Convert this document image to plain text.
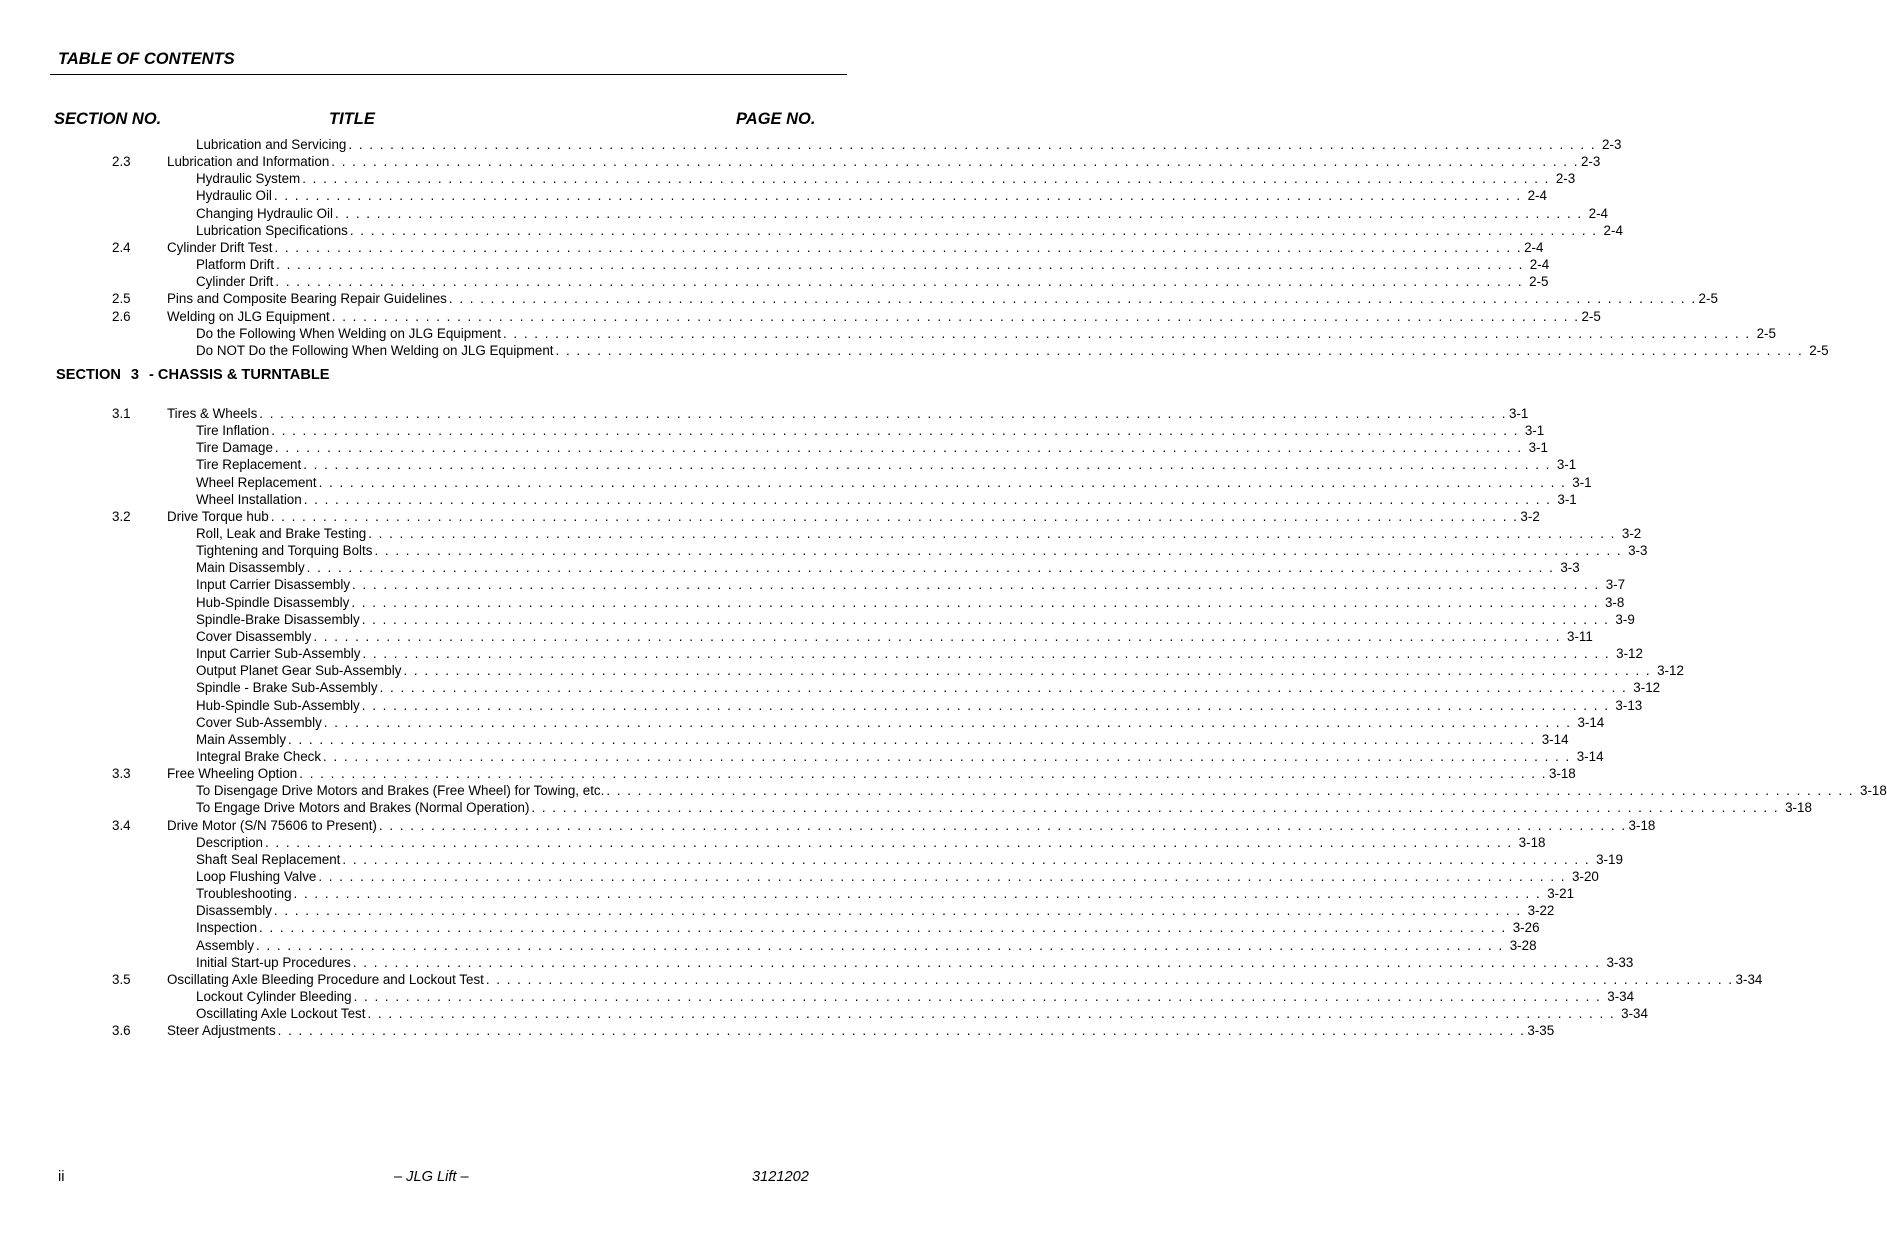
TABLE OF CONTENTS
SECTION NO.	TITLE	PAGE NO.
SECTION 3 - CHASSIS & TURNTABLE
Lubrication and Servicing . . . . . . . . . . . . . . . . . . . . . . . . . . . . . . . . . . . . . . . . . . . . . . . . . . . . . . . . . . . . . . . . . . . . . . . . . . . . . . . . . . . . . . . . . . . . . . . . . . . . . . . . . . . . . . . . . . . . . . . . 2-3
2.3	Lubrication and Information . . . . . . . . . . . . . . . . . . . . . . . . . . . . . . . . . . . . . . . . . . . . . . . . . . . . . . . . . . . . . . . . . . . . . . . . . . . . . . . . . . . . . . . . . . . . . . . . . . . . . . . . . . . . . . . . . . . . . . . . 2-3
Hydraulic System . . . . . . . . . . . . . . . . . . . . . . . . . . . . . . . . . . . . . . . . . . . . . . . . . . . . . . . . . . . . . . . . . . . . . . . . . . . . . . . . . . . . . . . . . . . . . . . . . . . . . . . . . . . . . . . . . . . . . . . . 2-3
Hydraulic Oil . . . . . . . . . . . . . . . . . . . . . . . . . . . . . . . . . . . . . . . . . . . . . . . . . . . . . . . . . . . . . . . . . . . . . . . . . . . . . . . . . . . . . . . . . . . . . . . . . . . . . . . . . . . . . . . . . . . . . . . . 2-4
Changing Hydraulic Oil . . . . . . . . . . . . . . . . . . . . . . . . . . . . . . . . . . . . . . . . . . . . . . . . . . . . . . . . . . . . . . . . . . . . . . . . . . . . . . . . . . . . . . . . . . . . . . . . . . . . . . . . . . . . . . . . . . . . . . . . 2-4
Lubrication Specifications . . . . . . . . . . . . . . . . . . . . . . . . . . . . . . . . . . . . . . . . . . . . . . . . . . . . . . . . . . . . . . . . . . . . . . . . . . . . . . . . . . . . . . . . . . . . . . . . . . . . . . . . . . . . . . . . . . . . . . . . 2-4
2.4	Cylinder Drift Test . . . . . . . . . . . . . . . . . . . . . . . . . . . . . . . . . . . . . . . . . . . . . . . . . . . . . . . . . . . . . . . . . . . . . . . . . . . . . . . . . . . . . . . . . . . . . . . . . . . . . . . . . . . . . . . . . . . . . . . . 2-4
Platform Drift . . . . . . . . . . . . . . . . . . . . . . . . . . . . . . . . . . . . . . . . . . . . . . . . . . . . . . . . . . . . . . . . . . . . . . . . . . . . . . . . . . . . . . . . . . . . . . . . . . . . . . . . . . . . . . . . . . . . . . . . 2-4
Cylinder Drift . . . . . . . . . . . . . . . . . . . . . . . . . . . . . . . . . . . . . . . . . . . . . . . . . . . . . . . . . . . . . . . . . . . . . . . . . . . . . . . . . . . . . . . . . . . . . . . . . . . . . . . . . . . . . . . . . . . . . . . . 2-5
2.5	Pins and Composite Bearing Repair Guidelines . . . . . . . . . . . . . . . . . . . . . . . . . . . . . . . . . . . . . . . . . . . . . . . . . . . . . . . . . . . . . . . . . . . . . . . . . . . . . . . . . . . . . . . . . . . . . . . . . . . . . . . . . . . . . . . . . . . . . . . . 2-5
2.6	Welding on JLG Equipment . . . . . . . . . . . . . . . . . . . . . . . . . . . . . . . . . . . . . . . . . . . . . . . . . . . . . . . . . . . . . . . . . . . . . . . . . . . . . . . . . . . . . . . . . . . . . . . . . . . . . . . . . . . . . . . . . . . . . . . . 2-5
Do the Following When Welding on JLG Equipment . . . . . . . . . . . . . . . . . . . . . . . . . . . . . . . . . . . . . . . . . . . . . . . . . . . . . . . . . . . . . . . . . . . . . . . . . . . . . . . . . . . . . . . . . . . . . . . . . . . . . . . . . . . . . . . . . . . . . . . . 2-5
Do NOT Do the Following When Welding on JLG Equipment . . . . . . . . . . . . . . . . . . . . . . . . . . . . . . . . . . . . . . . . . . . . . . . . . . . . . . . . . . . . . . . . . . . . . . . . . . . . . . . . . . . . . . . . . . . . . . . . . . . . . . . . . . . . . . . . . . . . . . . . 2-5
3.1	Tires & Wheels . . . . . . . . . . . . . . . . . . . . . . . . . . . . . . . . . . . . . . . . . . . . . . . . . . . . . . . . . . . . . . . . . . . . . . . . . . . . . . . . . . . . . . . . . . . . . . . . . . . . . . . . . . . . . . . . . . . . . . . . 3-1
Tire Inflation . . . . . . . . . . . . . . . . . . . . . . . . . . . . . . . . . . . . . . . . . . . . . . . . . . . . . . . . . . . . . . . . . . . . . . . . . . . . . . . . . . . . . . . . . . . . . . . . . . . . . . . . . . . . . . . . . . . . . . . . 3-1
Tire Damage . . . . . . . . . . . . . . . . . . . . . . . . . . . . . . . . . . . . . . . . . . . . . . . . . . . . . . . . . . . . . . . . . . . . . . . . . . . . . . . . . . . . . . . . . . . . . . . . . . . . . . . . . . . . . . . . . . . . . . . . 3-1
Tire Replacement . . . . . . . . . . . . . . . . . . . . . . . . . . . . . . . . . . . . . . . . . . . . . . . . . . . . . . . . . . . . . . . . . . . . . . . . . . . . . . . . . . . . . . . . . . . . . . . . . . . . . . . . . . . . . . . . . . . . . . . . 3-1
Wheel Replacement . . . . . . . . . . . . . . . . . . . . . . . . . . . . . . . . . . . . . . . . . . . . . . . . . . . . . . . . . . . . . . . . . . . . . . . . . . . . . . . . . . . . . . . . . . . . . . . . . . . . . . . . . . . . . . . . . . . . . . . . 3-1
Wheel Installation . . . . . . . . . . . . . . . . . . . . . . . . . . . . . . . . . . . . . . . . . . . . . . . . . . . . . . . . . . . . . . . . . . . . . . . . . . . . . . . . . . . . . . . . . . . . . . . . . . . . . . . . . . . . . . . . . . . . . . . . 3-1
3.2	Drive Torque hub . . . . . . . . . . . . . . . . . . . . . . . . . . . . . . . . . . . . . . . . . . . . . . . . . . . . . . . . . . . . . . . . . . . . . . . . . . . . . . . . . . . . . . . . . . . . . . . . . . . . . . . . . . . . . . . . . . . . . . . . 3-2
Roll, Leak and Brake Testing . . . . . . . . . . . . . . . . . . . . . . . . . . . . . . . . . . . . . . . . . . . . . . . . . . . . . . . . . . . . . . . . . . . . . . . . . . . . . . . . . . . . . . . . . . . . . . . . . . . . . . . . . . . . . . . . . . . . . . . . 3-2
Tightening and Torquing Bolts . . . . . . . . . . . . . . . . . . . . . . . . . . . . . . . . . . . . . . . . . . . . . . . . . . . . . . . . . . . . . . . . . . . . . . . . . . . . . . . . . . . . . . . . . . . . . . . . . . . . . . . . . . . . . . . . . . . . . . . . 3-3
Main Disassembly . . . . . . . . . . . . . . . . . . . . . . . . . . . . . . . . . . . . . . . . . . . . . . . . . . . . . . . . . . . . . . . . . . . . . . . . . . . . . . . . . . . . . . . . . . . . . . . . . . . . . . . . . . . . . . . . . . . . . . . . 3-3
Input Carrier Disassembly . . . . . . . . . . . . . . . . . . . . . . . . . . . . . . . . . . . . . . . . . . . . . . . . . . . . . . . . . . . . . . . . . . . . . . . . . . . . . . . . . . . . . . . . . . . . . . . . . . . . . . . . . . . . . . . . . . . . . . . . 3-7
Hub-Spindle Disassembly . . . . . . . . . . . . . . . . . . . . . . . . . . . . . . . . . . . . . . . . . . . . . . . . . . . . . . . . . . . . . . . . . . . . . . . . . . . . . . . . . . . . . . . . . . . . . . . . . . . . . . . . . . . . . . . . . . . . . . . . 3-8
Spindle-Brake Disassembly . . . . . . . . . . . . . . . . . . . . . . . . . . . . . . . . . . . . . . . . . . . . . . . . . . . . . . . . . . . . . . . . . . . . . . . . . . . . . . . . . . . . . . . . . . . . . . . . . . . . . . . . . . . . . . . . . . . . . . . . 3-9
Cover Disassembly . . . . . . . . . . . . . . . . . . . . . . . . . . . . . . . . . . . . . . . . . . . . . . . . . . . . . . . . . . . . . . . . . . . . . . . . . . . . . . . . . . . . . . . . . . . . . . . . . . . . . . . . . . . . . . . . . . . . . . . . 3-11
Input Carrier Sub-Assembly . . . . . . . . . . . . . . . . . . . . . . . . . . . . . . . . . . . . . . . . . . . . . . . . . . . . . . . . . . . . . . . . . . . . . . . . . . . . . . . . . . . . . . . . . . . . . . . . . . . . . . . . . . . . . . . . . . . . . . . . 3-12
Output Planet Gear Sub-Assembly . . . . . . . . . . . . . . . . . . . . . . . . . . . . . . . . . . . . . . . . . . . . . . . . . . . . . . . . . . . . . . . . . . . . . . . . . . . . . . . . . . . . . . . . . . . . . . . . . . . . . . . . . . . . . . . . . . . . . . . . 3-12
Spindle - Brake Sub-Assembly . . . . . . . . . . . . . . . . . . . . . . . . . . . . . . . . . . . . . . . . . . . . . . . . . . . . . . . . . . . . . . . . . . . . . . . . . . . . . . . . . . . . . . . . . . . . . . . . . . . . . . . . . . . . . . . . . . . . . . . . 3-12
Hub-Spindle Sub-Assembly . . . . . . . . . . . . . . . . . . . . . . . . . . . . . . . . . . . . . . . . . . . . . . . . . . . . . . . . . . . . . . . . . . . . . . . . . . . . . . . . . . . . . . . . . . . . . . . . . . . . . . . . . . . . . . . . . . . . . . . . 3-13
Cover Sub-Assembly . . . . . . . . . . . . . . . . . . . . . . . . . . . . . . . . . . . . . . . . . . . . . . . . . . . . . . . . . . . . . . . . . . . . . . . . . . . . . . . . . . . . . . . . . . . . . . . . . . . . . . . . . . . . . . . . . . . . . . . . 3-14
Main Assembly . . . . . . . . . . . . . . . . . . . . . . . . . . . . . . . . . . . . . . . . . . . . . . . . . . . . . . . . . . . . . . . . . . . . . . . . . . . . . . . . . . . . . . . . . . . . . . . . . . . . . . . . . . . . . . . . . . . . . . . . 3-14
Integral Brake Check . . . . . . . . . . . . . . . . . . . . . . . . . . . . . . . . . . . . . . . . . . . . . . . . . . . . . . . . . . . . . . . . . . . . . . . . . . . . . . . . . . . . . . . . . . . . . . . . . . . . . . . . . . . . . . . . . . . . . . . . 3-14
3.3	Free Wheeling Option . . . . . . . . . . . . . . . . . . . . . . . . . . . . . . . . . . . . . . . . . . . . . . . . . . . . . . . . . . . . . . . . . . . . . . . . . . . . . . . . . . . . . . . . . . . . . . . . . . . . . . . . . . . . . . . . . . . . . . . . 3-18
To Disengage Drive Motors and Brakes (Free Wheel) for Towing, etc. . . . . . . . . . . . . . . . . . . . . . . . . . . . . . . . . . . . . . . . . . . . . . . . . . . . . . . . . . . . . . . . . . . . . . . . . . . . . . . . . . . . . . . . . . . . . . . . . . . . . . . . . . . . . . . . . . . . . . . . . 3-18
To Engage Drive Motors and Brakes (Normal Operation) . . . . . . . . . . . . . . . . . . . . . . . . . . . . . . . . . . . . . . . . . . . . . . . . . . . . . . . . . . . . . . . . . . . . . . . . . . . . . . . . . . . . . . . . . . . . . . . . . . . . . . . . . . . . . . . . . . . . . . . . 3-18
3.4	Drive Motor (S/N 75606 to Present) . . . . . . . . . . . . . . . . . . . . . . . . . . . . . . . . . . . . . . . . . . . . . . . . . . . . . . . . . . . . . . . . . . . . . . . . . . . . . . . . . . . . . . . . . . . . . . . . . . . . . . . . . . . . . . . . . . . . . . . . 3-18
Description . . . . . . . . . . . . . . . . . . . . . . . . . . . . . . . . . . . . . . . . . . . . . . . . . . . . . . . . . . . . . . . . . . . . . . . . . . . . . . . . . . . . . . . . . . . . . . . . . . . . . . . . . . . . . . . . . . . . . . . . 3-18
Shaft Seal Replacement . . . . . . . . . . . . . . . . . . . . . . . . . . . . . . . . . . . . . . . . . . . . . . . . . . . . . . . . . . . . . . . . . . . . . . . . . . . . . . . . . . . . . . . . . . . . . . . . . . . . . . . . . . . . . . . . . . . . . . . . 3-19
Loop Flushing Valve . . . . . . . . . . . . . . . . . . . . . . . . . . . . . . . . . . . . . . . . . . . . . . . . . . . . . . . . . . . . . . . . . . . . . . . . . . . . . . . . . . . . . . . . . . . . . . . . . . . . . . . . . . . . . . . . . . . . . . . . 3-20
Troubleshooting . . . . . . . . . . . . . . . . . . . . . . . . . . . . . . . . . . . . . . . . . . . . . . . . . . . . . . . . . . . . . . . . . . . . . . . . . . . . . . . . . . . . . . . . . . . . . . . . . . . . . . . . . . . . . . . . . . . . . . . . 3-21
Disassembly . . . . . . . . . . . . . . . . . . . . . . . . . . . . . . . . . . . . . . . . . . . . . . . . . . . . . . . . . . . . . . . . . . . . . . . . . . . . . . . . . . . . . . . . . . . . . . . . . . . . . . . . . . . . . . . . . . . . . . . . 3-22
Inspection . . . . . . . . . . . . . . . . . . . . . . . . . . . . . . . . . . . . . . . . . . . . . . . . . . . . . . . . . . . . . . . . . . . . . . . . . . . . . . . . . . . . . . . . . . . . . . . . . . . . . . . . . . . . . . . . . . . . . . . . 3-26
Assembly . . . . . . . . . . . . . . . . . . . . . . . . . . . . . . . . . . . . . . . . . . . . . . . . . . . . . . . . . . . . . . . . . . . . . . . . . . . . . . . . . . . . . . . . . . . . . . . . . . . . . . . . . . . . . . . . . . . . . . . . 3-28
Initial Start-up Procedures . . . . . . . . . . . . . . . . . . . . . . . . . . . . . . . . . . . . . . . . . . . . . . . . . . . . . . . . . . . . . . . . . . . . . . . . . . . . . . . . . . . . . . . . . . . . . . . . . . . . . . . . . . . . . . . . . . . . . . . . 3-33
3.5	Oscillating Axle Bleeding Procedure and Lockout Test . . . . . . . . . . . . . . . . . . . . . . . . . . . . . . . . . . . . . . . . . . . . . . . . . . . . . . . . . . . . . . . . . . . . . . . . . . . . . . . . . . . . . . . . . . . . . . . . . . . . . . . . . . . . . . . . . . . . . . . . 3-34
Lockout Cylinder Bleeding . . . . . . . . . . . . . . . . . . . . . . . . . . . . . . . . . . . . . . . . . . . . . . . . . . . . . . . . . . . . . . . . . . . . . . . . . . . . . . . . . . . . . . . . . . . . . . . . . . . . . . . . . . . . . . . . . . . . . . . . 3-34
Oscillating Axle Lockout Test . . . . . . . . . . . . . . . . . . . . . . . . . . . . . . . . . . . . . . . . . . . . . . . . . . . . . . . . . . . . . . . . . . . . . . . . . . . . . . . . . . . . . . . . . . . . . . . . . . . . . . . . . . . . . . . . . . . . . . . . 3-34
3.6	Steer Adjustments . . . . . . . . . . . . . . . . . . . . . . . . . . . . . . . . . . . . . . . . . . . . . . . . . . . . . . . . . . . . . . . . . . . . . . . . . . . . . . . . . . . . . . . . . . . . . . . . . . . . . . . . . . . . . . . . . . . . . . . . 3-35
ii	– JLG Lift –	3121202
